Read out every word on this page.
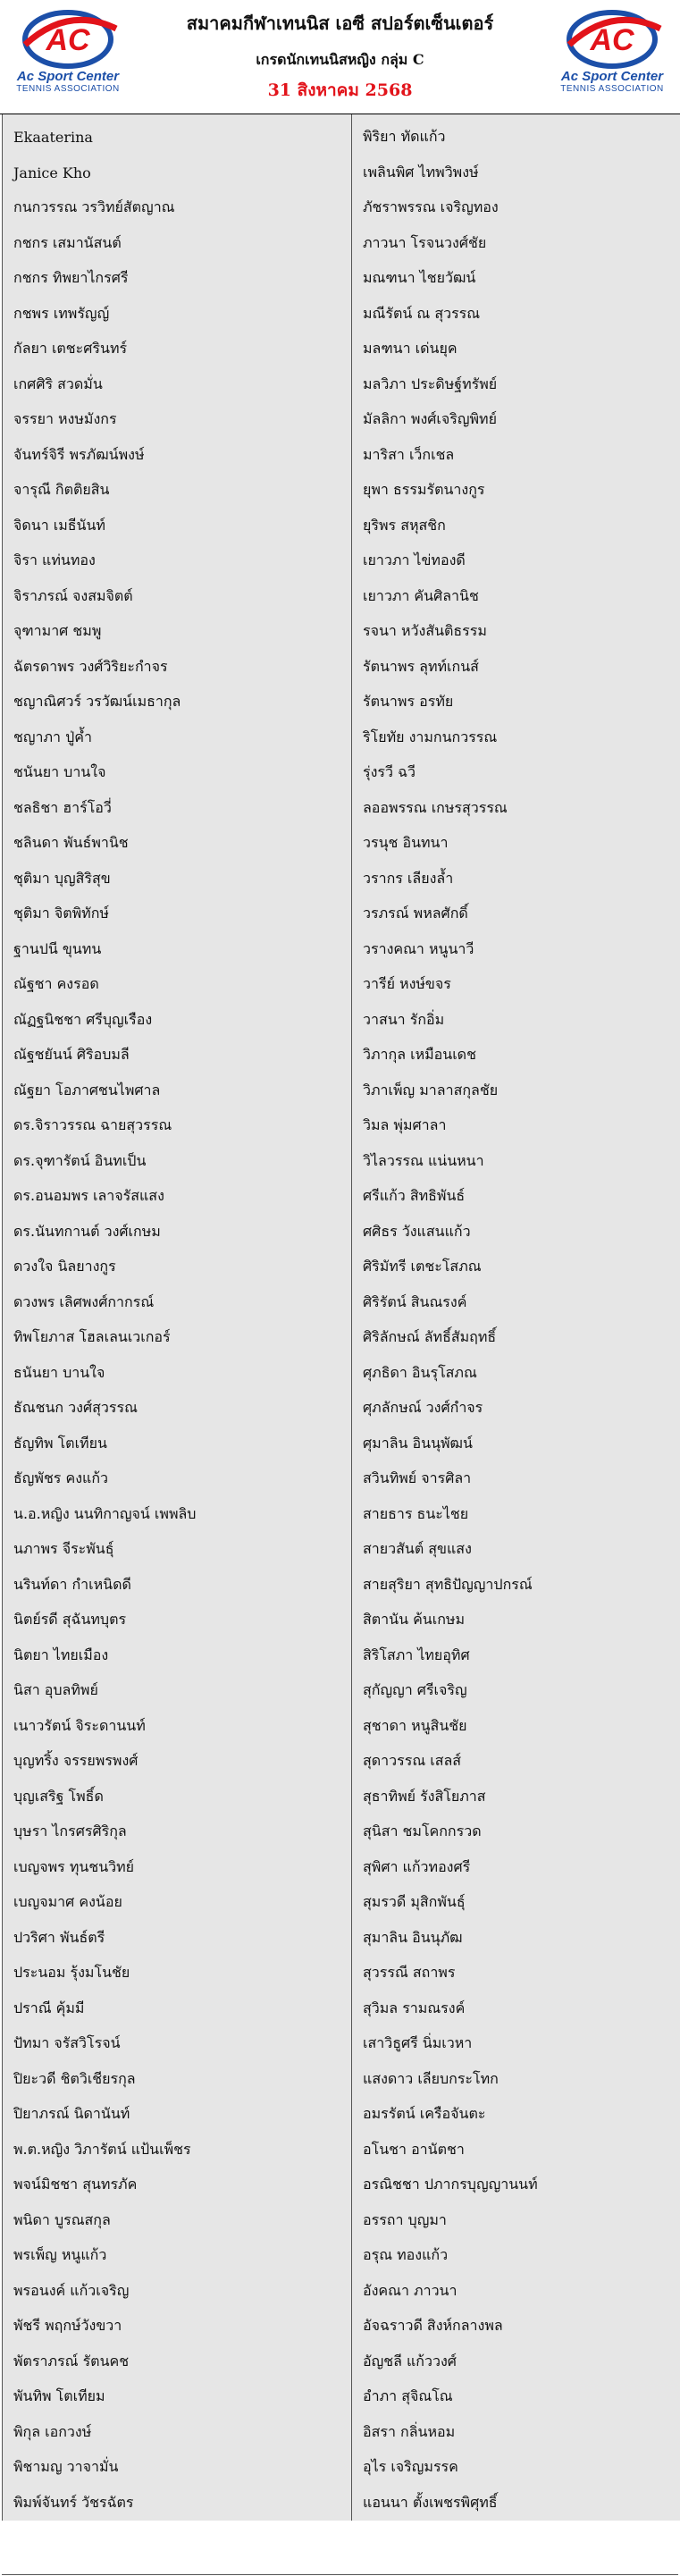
AC
Ac Sport Center
TENNIS ASSOCIATION
สมาคมกีฬาเทนนิส เอซี สปอร์ตเซ็นเตอร์
เกรดนักเทนนิสหญิง กลุ่ม C
31 สิงหาคม 2568
AC
Ac Sport Center
TENNIS ASSOCIATION
Ekaaterina	พิริยา ทัดแก้ว
Janice Kho	เพลินพิศ ไทพวิพงษ์
กนกวรรณ วรวิทย์สัตญาณ	ภัชราพรรณ เจริญทอง
กชกร เสมานัสนต์	ภาวนา โรจนวงศ์ชัย
กชกร ทิพยาไกรศรี	มณฑนา ไชยวัฒน์
กชพร เทพรัญญ์	มณีรัตน์ ณ สุวรรณ
กัลยา เตชะศรินทร์	มลฑนา เด่นยุค
เกศศิริ สวดมั่น	มลวิภา ประดิษฐ์ทรัพย์
จรรยา หงษมังกร	มัลลิกา พงศ์เจริญพิทย์
จันทร์จิรี พรภัฒน์พงษ์	มาริสา เว็กเชล
จารุณี กิตติยสิน	ยุพา ธรรมรัตนางกูร
จิดนา เมธีนันท์	ยุริพร สหุสชิก
จิรา แท่นทอง	เยาวภา ไข่ทองดี
จิราภรณ์ จงสมจิตต์	เยาวภา คันศิลานิช
จุฑามาศ ชมพู	รจนา หวังสันติธรรม
ฉัตรดาพร วงศ์วิริยะกำจร	รัตนาพร ลุทท์เกนส์
ชญาณิศวร์ วรวัฒน์เมธากุล	รัตนาพร อรทัย
ชญาภา ปู่ค้ำ	ริโยทัย งามกนกวรรณ
ชนันยา บานใจ	รุ่งรวี ฉวี
ชลธิชา ฮาร์โอวี่	ลออพรรณ เกษรสุวรรณ
ชลินดา พันธ์พานิช	วรนุช อินทนา
ชุติมา บุญสิริสุข	วรากร เลียงล้ำ
ชุติมา จิตพิทักษ์	วรภรณ์ พหลศักดิ์
ฐานปนี ขุนทน	วรางคณา หนูนาวี
ณัฐชา คงรอด	วารีย์ หงษ์ขจร
ณัฏฐนิชชา ศรีบุญเรือง	วาสนา รักอิ่ม
ณัฐชยันน์ ศิริอบมลี	วิภากุล เหมือนเดช
ณัฐยา โอภาศชนไพศาล	วิภาเพ็ญ มาลาสกุลชัย
ดร.จิราวรรณ ฉายสุวรรณ	วิมล พุ่มศาลา
ดร.จุฑารัตน์ อินทเป็น	วิไลวรรณ แน่นหนา
ดร.อนอมพร เลาจรัสแสง	ศรีแก้ว สิทธิพันธ์
ดร.นันทกานต์ วงศ์เกษม	ศศิธร วังแสนแก้ว
ดวงใจ นิลยางกูร	ศิริมัทรี เตชะโสภณ
ดวงพร เลิศพงศ์กากรณ์	ศิริรัตน์ สินณรงค์
ทิพโยภาส โฮลเลนเวเกอร์	ศิริลักษณ์ ลัทธิ์สัมฤทธิ์
ธนันยา บานใจ	ศุภธิดา อินรุโสภณ
ธัณชนก วงศ์สุวรรณ	ศุภลักษณ์ วงศ์กำจร
ธัญทิพ โตเทียน	ศุมาลิน อินนุพัฒน์
ธัญพัชร คงแก้ว	สวินทิพย์ จารศิลา
น.อ.หญิง นนทิกาญจน์ เพพลิบ	สายธาร ธนะไชย
นภาพร จีระพันธุ์	สายวสันต์ สุขแสง
นรินท์ดา กำเหนิดดี	สายสุริยา สุทธิปัญญาปกรณ์
นิตย์รดี สุฉันทบุตร	สิตานัน ค้นเกษม
นิตยา ไทยเมือง	สิริโสภา ไทยอุทิศ
นิสา อุบลทิพย์	สุกัญญา ศรีเจริญ
เนาวรัตน์ จิระดานนท์	สุชาดา หนูสินชัย
บุญทริ้ง จรรยพรพงศ์	สุดาวรรณ เสลส์
บุญเสริฐ โพธิ์ด	สุธาทิพย์ รังสิโยภาส
บุษรา ไกรศรศิริกุล	สุนิสา ชมโคกกรวด
เบญจพร ทุนชนวิทย์	สุพิศา แก้วทองศรี
เบญจมาศ คงน้อย	สุมรวดี มุสิกพันธุ์
ปวริศา พันธ์ตรี	สุมาลิน อินนุภัฒ
ประนอม รุ้งมโนชัย	สุวรรณี สถาพร
ปราณี คุ้มมี	สุวิมล รามณรงค์
ปัทมา จรัสวิโรจน์	เสาวิธูศรี นิ่มเวหา
ปิยะวดี ชิตวิเชียรกุล	แสงดาว เลียบกระโทก
ปิยาภรณ์ นิดานันท์	อมรรัตน์ เครือจันตะ
พ.ต.หญิง วิภารัตน์ แป้นเพ็ชร	อโนชา อานัตชา
พจน์มิชชา สุนทรภัค	อรณิชชา ปภากรบุญญานนท์
พนิดา บูรณสกุล	อรรถา บุญมา
พรเพ็ญ หนูแก้ว	อรุณ ทองแก้ว
พรอนงค์ แก้วเจริญ	อังคณา ภาวนา
พัชรี พฤกษ์วังขวา	อัจฉราวดี สิงห์กลางพล
พัตราภรณ์ รัตนคช	อัญชลี แก้ววงศ์
พันทิพ โตเทียม	อำภา สุจิณโณ
พิกุล เอกวงษ์	อิสรา กลิ่นหอม
พิชามญ วาจามั่น	อุไร เจริญมรรค
พิมพ์จันทร์ วัชรฉัตร	แอนนา ตั้งเพชรพิศุทธิ์
